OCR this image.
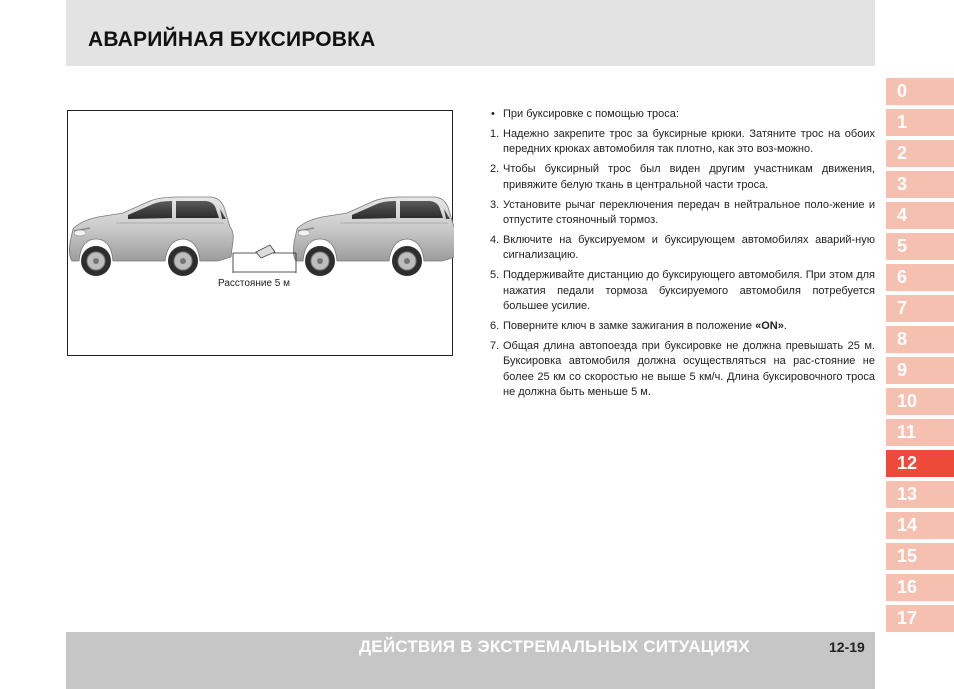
АВАРИЙНАЯ БУКСИРОВКА
Расстояние 5 м
• При буксировке с помощью троса:
1. Надежно закрепите трос за буксирные крюки. Затяните трос на обоих передних крюках автомобиля так плотно, как это воз-можно.
2. Чтобы буксирный трос был виден другим участникам движения, привяжите белую ткань в центральной части троса.
3. Установите рычаг переключения передач в нейтральное поло-жение и отпустите стояночный тормоз.
4. Включите на буксируемом и буксирующем автомобилях аварий-ную сигнализацию.
5. Поддерживайте дистанцию до буксирующего автомобиля. При этом для нажатия педали тормоза буксируемого автомобиля потребуется большее усилие.
6. Поверните ключ в замке зажигания в положение «ON».
7. Общая длина автопоезда при буксировке не должна превышать 25 м. Буксировка автомобиля должна осуществляться на рас-стояние не более 25 км со скоростью не выше 5 км/ч. Длина буксировочного троса не должна быть меньше 5 м.
0
1
2
3
4
5
6
7
8
9
10
11
12
13
14
15
16
17
ДЕЙСТВИЯ В ЭКСТРЕМАЛЬНЫХ СИТУАЦИЯХ	12-19
